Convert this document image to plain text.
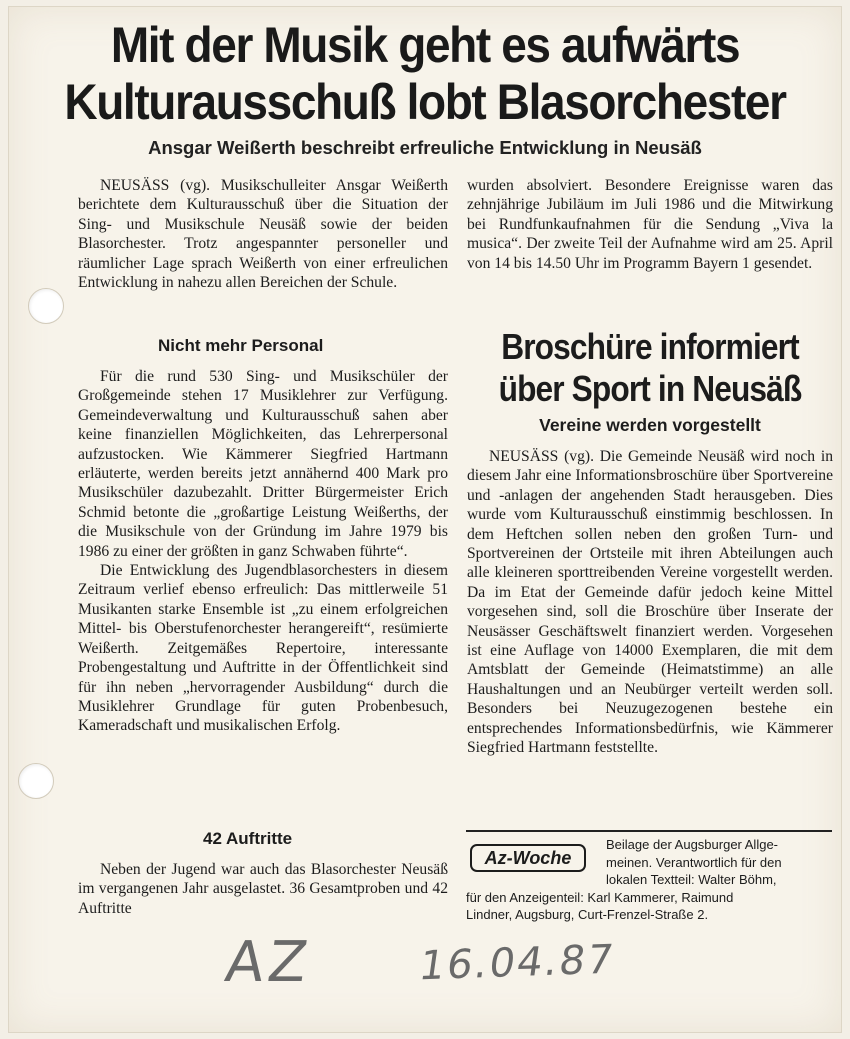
Mit der Musik geht es aufwärts
Kulturausschuß lobt Blasorchester
Ansgar Weißerth beschreibt erfreuliche Entwicklung in Neusäß

NEUSÄSS (vg). Musikschulleiter Ansgar Weißerth berichtete dem Kulturausschuß über die Situation der Sing- und Musikschule Neusäß sowie der beiden Blasorchester. Trotz angespannter personeller und räumlicher Lage sprach Weißerth von einer erfreulichen Entwicklung in nahezu allen Bereichen der Schule.

Nicht mehr Personal

Für die rund 530 Sing- und Musikschüler der Großgemeinde stehen 17 Musiklehrer zur Verfügung. Gemeindeverwaltung und Kulturausschuß sahen aber keine finanziellen Möglichkeiten, das Lehrerpersonal aufzustocken. Wie Kämmerer Siegfried Hartmann erläuterte, werden bereits jetzt annähernd 400 Mark pro Musikschüler dazubezahlt. Dritter Bürgermeister Erich Schmid betonte die „großartige Leistung Weißerths, der die Musikschule von der Gründung im Jahre 1979 bis 1986 zu einer der größten in ganz Schwaben führte“.

Die Entwicklung des Jugendblasorchesters in diesem Zeitraum verlief ebenso erfreulich: Das mittlerweile 51 Musikanten starke Ensemble ist „zu einem erfolgreichen Mittel- bis Oberstufenorchester herangereift“, resümierte Weißerth. Zeitgemäßes Repertoire, interessante Probengestaltung und Auftritte in der Öffentlichkeit sind für ihn neben „hervorragender Ausbildung“ durch die Musiklehrer Grundlage für guten Probenbesuch, Kameradschaft und musikalischen Erfolg.

42 Auftritte

Neben der Jugend war auch das Blasorchester Neusäß im vergangenen Jahr ausgelastet. 36 Gesamtproben und 42 Auftritte

wurden absolviert. Besondere Ereignisse waren das zehnjährige Jubiläum im Juli 1986 und die Mitwirkung bei Rundfunkaufnahmen für die Sendung „Viva la musica“. Der zweite Teil der Aufnahme wird am 25. April von 14 bis 14.50 Uhr im Programm Bayern 1 gesendet.

Broschüre informiert
über Sport in Neusäß
Vereine werden vorgestellt

NEUSÄSS (vg). Die Gemeinde Neusäß wird noch in diesem Jahr eine Informationsbroschüre über Sportvereine und -anlagen der angehenden Stadt herausgeben. Dies wurde vom Kulturausschuß einstimmig beschlossen. In dem Heftchen sollen neben den großen Turn- und Sportvereinen der Ortsteile mit ihren Abteilungen auch alle kleineren sporttreibenden Vereine vorgestellt werden. Da im Etat der Gemeinde dafür jedoch keine Mittel vorgesehen sind, soll die Broschüre über Inserate der Neusässer Geschäftswelt finanziert werden. Vorgesehen ist eine Auflage von 14000 Exemplaren, die mit dem Amtsblatt der Gemeinde (Heimatstimme) an alle Haushaltungen und an Neubürger verteilt werden soll. Besonders bei Neuzugezogenen bestehe ein entsprechendes Informationsbedürfnis, wie Kämmerer Siegfried Hartmann feststellte.

Az-Woche
Beilage der Augsburger Allge-
meinen. Verantwortlich für den
lokalen Textteil: Walter Böhm,
für den Anzeigenteil: Karl Kammerer, Raimund
Lindner, Augsburg, Curt-Frenzel-Straße 2.
AZ	16.04.87
